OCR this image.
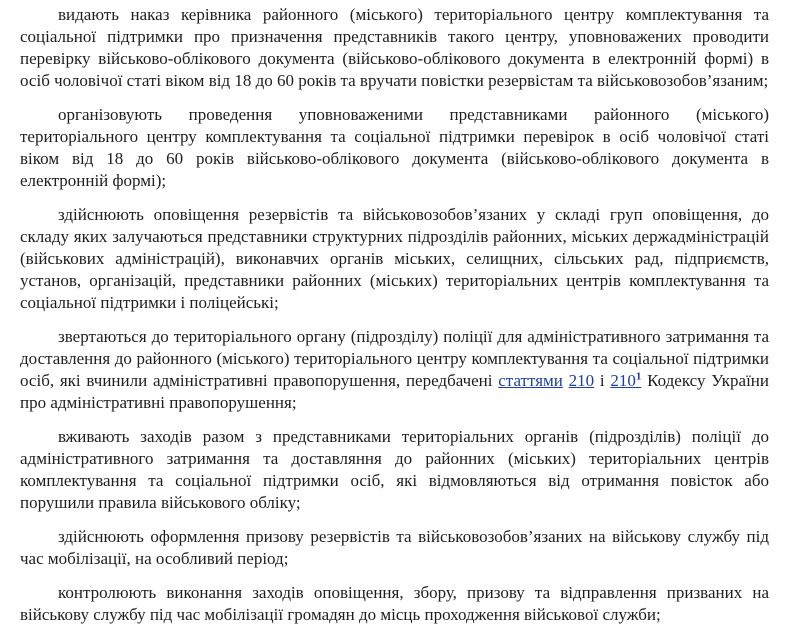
видають наказ керівника районного (міського) територіального центру комплектування та соціальної підтримки про призначення представників такого центру, уповноважених проводити перевірку військово-облікового документа (військово-облікового документа в електронній формі) в осіб чоловічої статі віком від 18 до 60 років та вручати повістки резервістам та військовозобов’язаним;

організовують проведення уповноваженими представниками районного (міського) територіального центру комплектування та соціальної підтримки перевірок в осіб чоловічої статі віком від 18 до 60 років військово-облікового документа (військово-облікового документа в електронній формі);

здійснюють оповіщення резервістів та військовозобов’язаних у складі груп оповіщення, до складу яких залучаються представники структурних підрозділів районних, міських держадміністрацій (військових адміністрацій), виконавчих органів міських, селищних, сільських рад, підприємств, установ, організацій, представники районних (міських) територіальних центрів комплектування та соціальної підтримки і поліцейські;

звертаються до територіального органу (підрозділу) поліції для адміністративного затримання та доставлення до районного (міського) територіального центру комплектування та соціальної підтримки осіб, які вчинили адміністративні правопорушення, передбачені статтями 210 і 210$^1$ Кодексу України про адміністративні правопорушення;

вживають заходів разом з представниками територіальних органів (підрозділів) поліції до адміністративного затримання та доставляння до районних (міських) територіальних центрів комплектування та соціальної підтримки осіб, які відмовляються від отримання повісток або порушили правила військового обліку;

здійснюють оформлення призову резервістів та військовозобов’язаних на військову службу під час мобілізації, на особливий період;

контролюють виконання заходів оповіщення, збору, призову та відправлення призваних на військову службу під час мобілізації громадян до місць проходження військової служби;
